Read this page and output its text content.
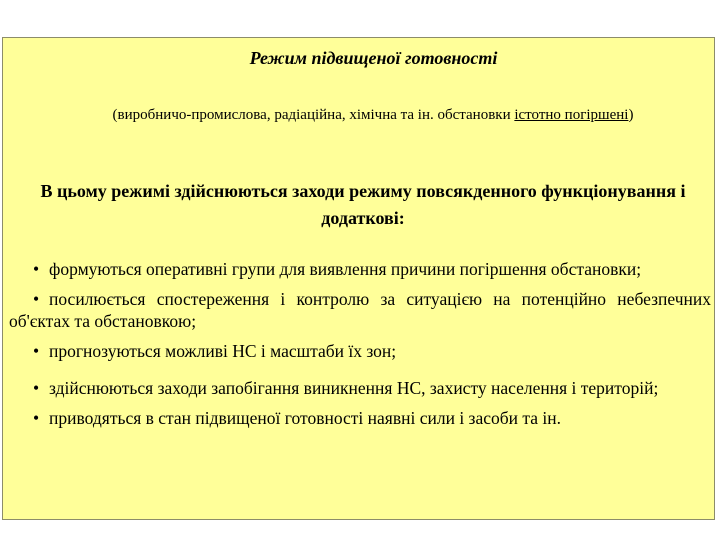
Режим підвищеної готовності
(виробничо-промислова, радіаційна, хімічна та ін. обстановки істотно погіршені)
В цьому режимі здійснюються заходи режиму повсякденного функціонування і додаткові:
• формуються оперативні групи для виявлення причини погіршення обстановки;
• посилюється спостереження і контролю за ситуацією на потенційно небезпечних об'єктах та обстановкою;
• прогнозуються можливі НС і масштаби їх зон;
• здійснюються заходи запобігання виникнення НС, захисту населення і територій;
• приводяться в стан підвищеної готовності наявні сили і засоби та ін.
